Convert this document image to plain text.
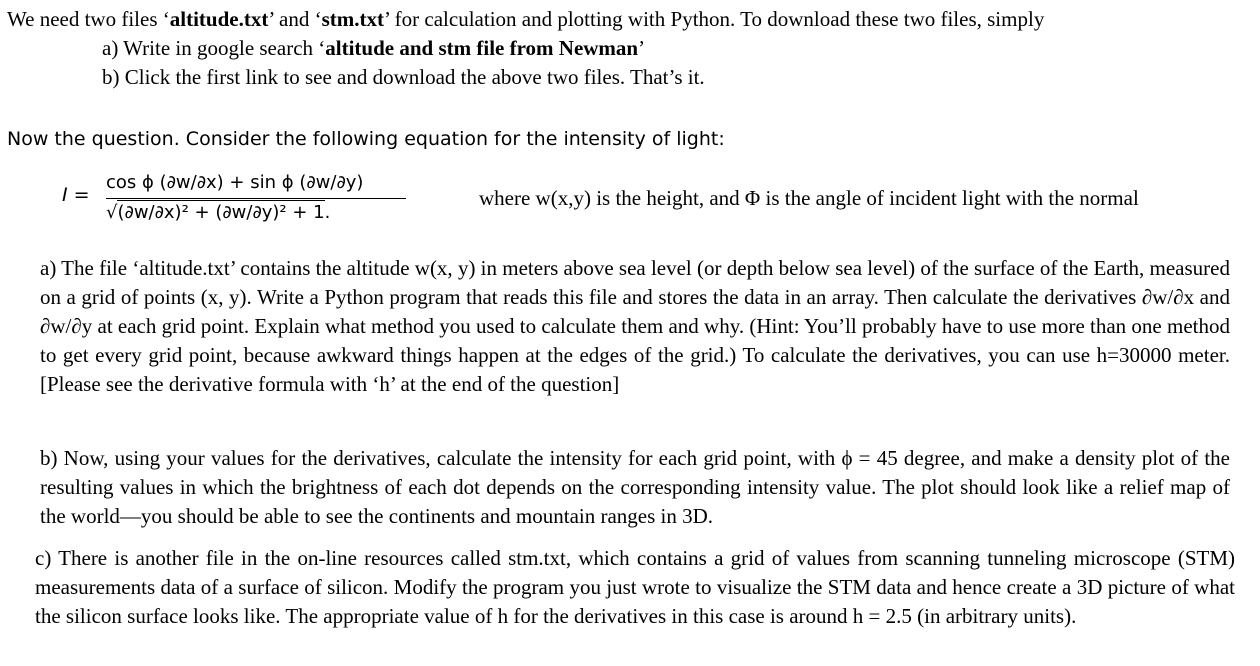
We need two files ‘altitude.txt’ and ‘stm.txt’ for calculation and plotting with Python. To download these two files, simply
a) Write in google search ‘altitude and stm file from Newman’
b) Click the first link to see and download the above two files. That’s it.
Now the question. Consider the following equation for the intensity of light:
I =
cos ϕ (∂w/∂x) + sin ϕ (∂w/∂y)
√(∂w/∂x)² + (∂w/∂y)² + 1.
where w(x,y) is the height, and Φ is the angle of incident light with the normal
a) The file ‘altitude.txt’ contains the altitude w(x, y) in meters above sea level (or depth below sea level) of the surface of the Earth, measured on a grid of points (x, y). Write a Python program that reads this file and stores the data in an array. Then calculate the derivatives ∂w/∂x and ∂w/∂y at each grid point. Explain what method you used to calculate them and why. (Hint: You’ll probably have to use more than one method to get every grid point, because awkward things happen at the edges of the grid.) To calculate the derivatives, you can use h=30000 meter. [Please see the derivative formula with ‘h’ at the end of the question]
b) Now, using your values for the derivatives, calculate the intensity for each grid point, with ϕ = 45 degree, and make a density plot of the resulting values in which the brightness of each dot depends on the corresponding intensity value. The plot should look like a relief map of the world—you should be able to see the continents and mountain ranges in 3D.
c) There is another file in the on-line resources called stm.txt, which contains a grid of values from scanning tunneling microscope (STM) measurements data of a surface of silicon. Modify the program you just wrote to visualize the STM data and hence create a 3D picture of what the silicon surface looks like. The appropriate value of h for the derivatives in this case is around h = 2.5 (in arbitrary units).
